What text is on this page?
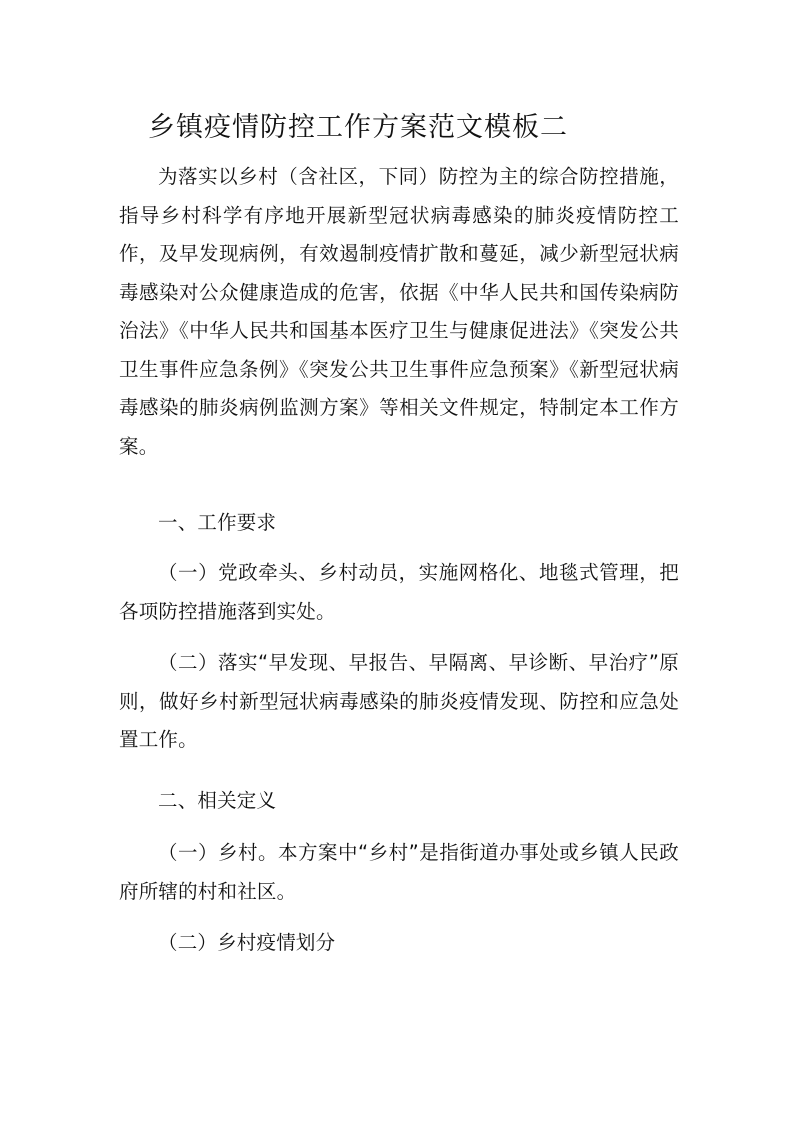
乡镇疫情防控工作方案范文模板二

为落实以乡村（含社区，下同）防控为主的综合防控措施，指导乡村科学有序地开展新型冠状病毒感染的肺炎疫情防控工作，及早发现病例，有效遏制疫情扩散和蔓延，减少新型冠状病毒感染对公众健康造成的危害，依据《中华人民共和国传染病防治法》《中华人民共和国基本医疗卫生与健康促进法》《突发公共卫生事件应急条例》《突发公共卫生事件应急预案》《新型冠状病毒感染的肺炎病例监测方案》等相关文件规定，特制定本工作方案。

一、工作要求

（一）党政牵头、乡村动员，实施网格化、地毯式管理，把各项防控措施落到实处。

（二）落实“早发现、早报告、早隔离、早诊断、早治疗”原则，做好乡村新型冠状病毒感染的肺炎疫情发现、防控和应急处置工作。

二、相关定义

（一）乡村。本方案中“乡村”是指街道办事处或乡镇人民政府所辖的村和社区。

（二）乡村疫情划分
